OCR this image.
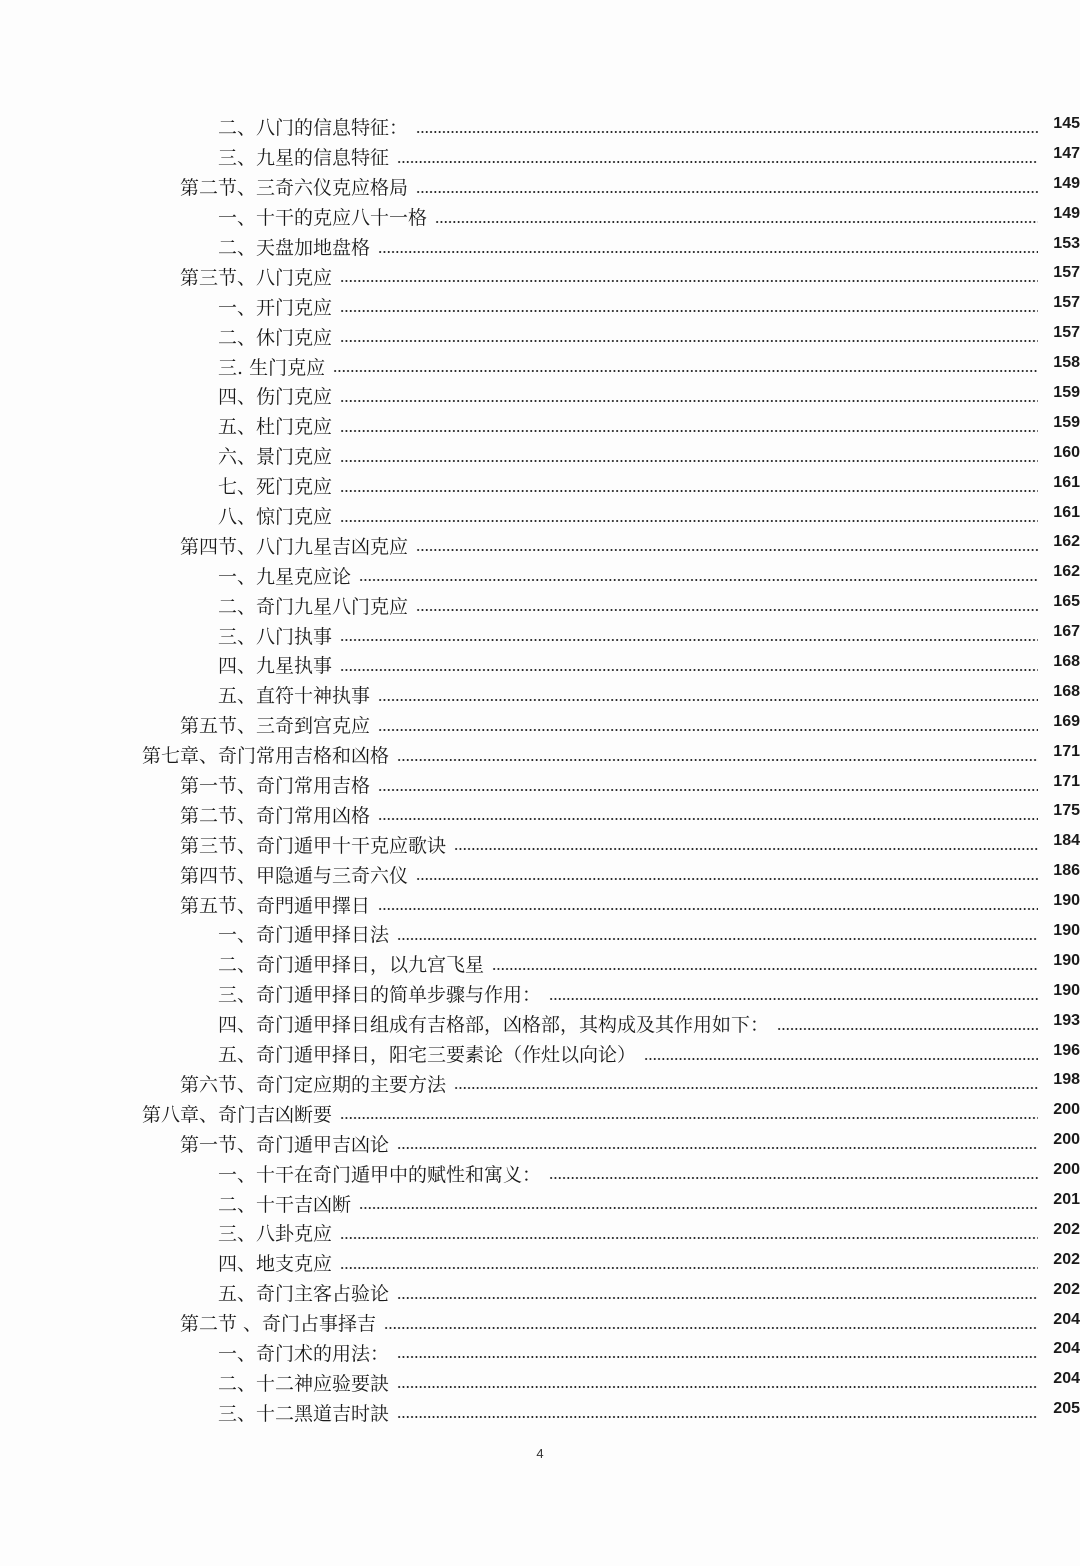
二、八门的信息特征：	145
三、九星的信息特征	147
第二节、三奇六仪克应格局	149
一、十干的克应八十一格	149
二、天盘加地盘格	153
第三节、八门克应	157
一、开门克应	157
二、休门克应	157
三. 生门克应	158
四、伤门克应	159
五、杜门克应	159
六、景门克应	160
七、死门克应	161
八、惊门克应	161
第四节、八门九星吉凶克应	162
一、九星克应论	162
二、奇门九星八门克应	165
三、八门执事	167
四、九星执事	168
五、直符十神执事	168
第五节、三奇到宫克应	169
第七章、奇门常用吉格和凶格	171
第一节、奇门常用吉格	171
第二节、奇门常用凶格	175
第三节、奇门遁甲十干克应歌诀	184
第四节、甲隐遁与三奇六仪	186
第五节、奇門遁甲擇日	190
一、奇门遁甲择日法	190
二、奇门遁甲择日，以九宫飞星	190
三、奇门遁甲择日的简单步骤与作用：	190
四、奇门遁甲择日组成有吉格部，凶格部，其构成及其作用如下：	193
五、奇门遁甲择日，阳宅三要素论（作灶以向论）	196
第六节、奇门定应期的主要方法	198
第八章、奇门吉凶断要	200
第一节、奇门遁甲吉凶论	200
一、十干在奇门遁甲中的赋性和寓义：	200
二、十干吉凶断	201
三、八卦克应	202
四、地支克应	202
五、奇门主客占验论	202
第二节 、奇门占事择吉	204
一、奇门术的用法：	204
二、十二神应验要訣	204
三、十二黑道吉时訣	205
4
